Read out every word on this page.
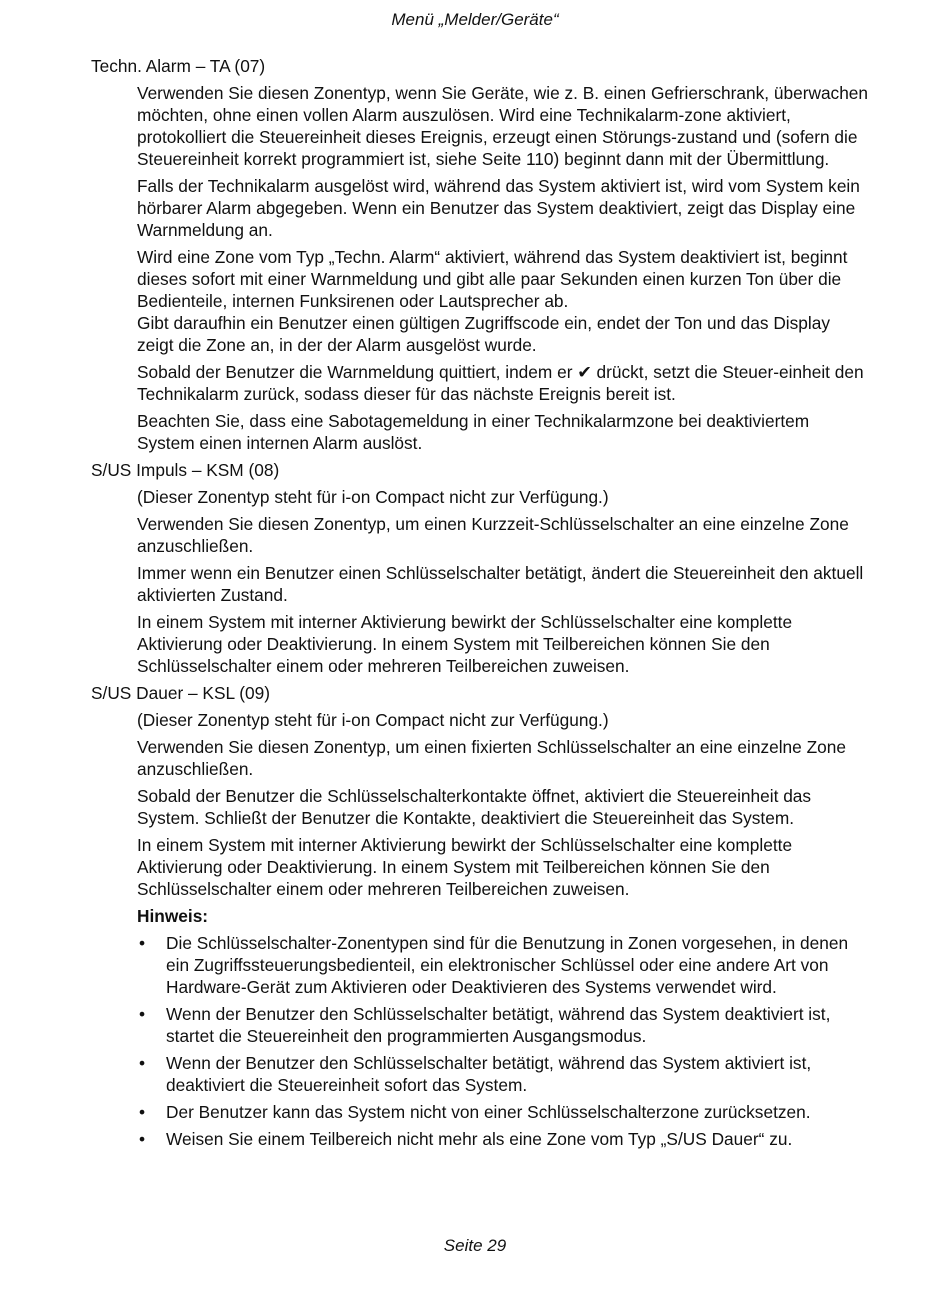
Menü „Melder/Geräte“
Techn. Alarm – TA (07)

Verwenden Sie diesen Zonentyp, wenn Sie Geräte, wie z. B. einen Gefrierschrank, überwachen möchten, ohne einen vollen Alarm auszulösen. Wird eine Technikalarm-zone aktiviert, protokolliert die Steuereinheit dieses Ereignis, erzeugt einen Störungs-zustand und (sofern die Steuereinheit korrekt programmiert ist, siehe Seite 110) beginnt dann mit der Übermittlung.

Falls der Technikalarm ausgelöst wird, während das System aktiviert ist, wird vom System kein hörbarer Alarm abgegeben. Wenn ein Benutzer das System deaktiviert, zeigt das Display eine Warnmeldung an.

Wird eine Zone vom Typ „Techn. Alarm“ aktiviert, während das System deaktiviert ist, beginnt dieses sofort mit einer Warnmeldung und gibt alle paar Sekunden einen kurzen Ton über die Bedienteile, internen Funksirenen oder Lautsprecher ab.

Gibt daraufhin ein Benutzer einen gültigen Zugriffscode ein, endet der Ton und das Display zeigt die Zone an, in der der Alarm ausgelöst wurde.

Sobald der Benutzer die Warnmeldung quittiert, indem er ✔ drückt, setzt die Steuer-einheit den Technikalarm zurück, sodass dieser für das nächste Ereignis bereit ist.

Beachten Sie, dass eine Sabotagemeldung in einer Technikalarmzone bei deaktiviertem System einen internen Alarm auslöst.

S/US Impuls – KSM (08)

(Dieser Zonentyp steht für i-on Compact nicht zur Verfügung.)

Verwenden Sie diesen Zonentyp, um einen Kurzzeit-Schlüsselschalter an eine einzelne Zone anzuschließen.

Immer wenn ein Benutzer einen Schlüsselschalter betätigt, ändert die Steuereinheit den aktuell aktivierten Zustand.

In einem System mit interner Aktivierung bewirkt der Schlüsselschalter eine komplette Aktivierung oder Deaktivierung. In einem System mit Teilbereichen können Sie den Schlüsselschalter einem oder mehreren Teilbereichen zuweisen.

S/US Dauer – KSL (09)

(Dieser Zonentyp steht für i-on Compact nicht zur Verfügung.)

Verwenden Sie diesen Zonentyp, um einen fixierten Schlüsselschalter an eine einzelne Zone anzuschließen.

Sobald der Benutzer die Schlüsselschalterkontakte öffnet, aktiviert die Steuereinheit das System. Schließt der Benutzer die Kontakte, deaktiviert die Steuereinheit das System.

In einem System mit interner Aktivierung bewirkt der Schlüsselschalter eine komplette Aktivierung oder Deaktivierung. In einem System mit Teilbereichen können Sie den Schlüsselschalter einem oder mehreren Teilbereichen zuweisen.

Hinweis:
• Die Schlüsselschalter-Zonentypen sind für die Benutzung in Zonen vorgesehen, in denen ein Zugriffssteuerungsbedienteil, ein elektronischer Schlüssel oder eine andere Art von Hardware-Gerät zum Aktivieren oder Deaktivieren des Systems verwendet wird.
• Wenn der Benutzer den Schlüsselschalter betätigt, während das System deaktiviert ist, startet die Steuereinheit den programmierten Ausgangsmodus.
• Wenn der Benutzer den Schlüsselschalter betätigt, während das System aktiviert ist, deaktiviert die Steuereinheit sofort das System.
• Der Benutzer kann das System nicht von einer Schlüsselschalterzone zurücksetzen.
• Weisen Sie einem Teilbereich nicht mehr als eine Zone vom Typ „S/US Dauer“ zu.
Seite 29
